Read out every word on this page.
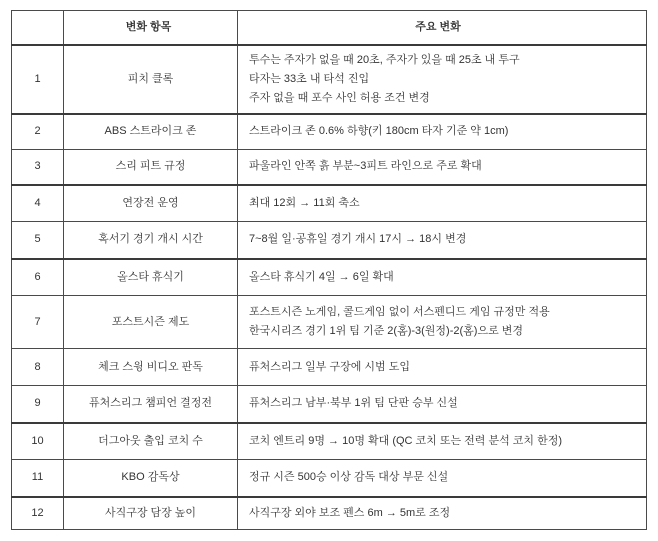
	변화 항목	주요 변화
1	피치 클록	투수는 주자가 없을 때 20초, 주자가 있을 때 25초 내 투구
타자는 33초 내 타석 진입
주자 없을 때 포수 사인 허용 조건 변경

2	ABS 스트라이크 존	스트라이크 존 0.6% 하향(키 180cm 타자 기준 약 1cm)

3	스리 피트 규정	파울라인 안쪽 흙 부분~3피트 라인으로 주로 확대

4	연장전 운영	최대 12회 → 11회 축소

5	혹서기 경기 개시 시간	7~8월 일·공휴일 경기 개시 17시 → 18시 변경

6	올스타 휴식기	올스타 휴식기 4일 → 6일 확대

7	포스트시즌 제도	포스트시즌 노게임, 콜드게임 없이 서스펜디드 게임 규정만 적용
한국시리즈 경기 1위 팀 기준 2(홈)-3(원정)-2(홈)으로 변경

8	체크 스윙 비디오 판독	퓨처스리그 일부 구장에 시범 도입

9	퓨처스리그 챔피언 결정전	퓨처스리그 남부·북부 1위 팀 단판 승부 신설

10	더그아웃 출입 코치 수	코치 엔트리 9명 → 10명 확대 (QC 코치 또는 전력 분석 코치 한정)

11	KBO 감독상	정규 시즌 500승 이상 감독 대상 부문 신설

12	사직구장 담장 높이	사직구장 외야 보조 펜스 6m → 5m로 조정
